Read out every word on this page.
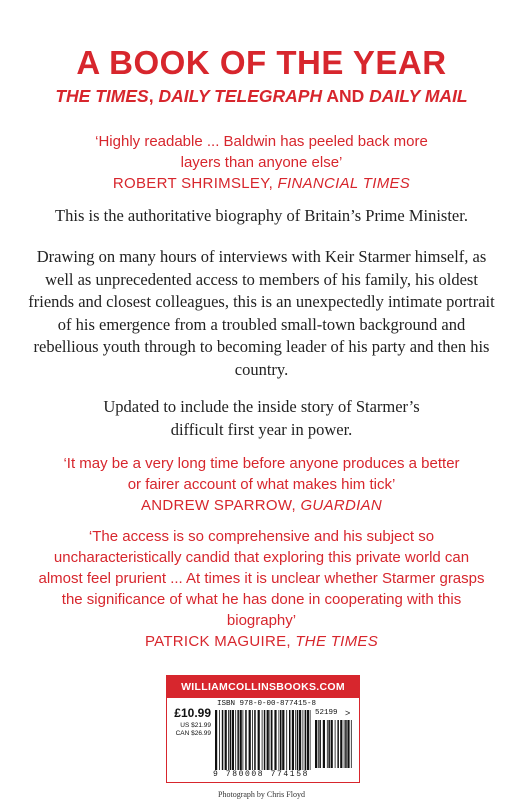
A BOOK OF THE YEAR
THE TIMES, DAILY TELEGRAPH AND DAILY MAIL
‘Highly readable ... Baldwin has peeled back more layers than anyone else’
ROBERT SHRIMSLEY, FINANCIAL TIMES
This is the authoritative biography of Britain’s Prime Minister.
Drawing on many hours of interviews with Keir Starmer himself, as well as unprecedented access to members of his family, his oldest friends and closest colleagues, this is an unexpectedly intimate portrait of his emergence from a troubled small-town background and rebellious youth through to becoming leader of his party and then his country.
Updated to include the inside story of Starmer’s difficult first year in power.
‘It may be a very long time before anyone produces a better or fairer account of what makes him tick’
ANDREW SPARROW, GUARDIAN
‘The access is so comprehensive and his subject so uncharacteristically candid that exploring this private world can almost feel prurient ... At times it is unclear whether Starmer grasps the significance of what he has done in cooperating with this biography’
PATRICK MAGUIRE, THE TIMES
WILLIAMCOLLINSBOOKS.COM
ISBN 978-0-00-877415-8
£10.99
US $21.99
CAN $26.99
52199 >
9 780008 774158
Photograph by Chris Floyd
